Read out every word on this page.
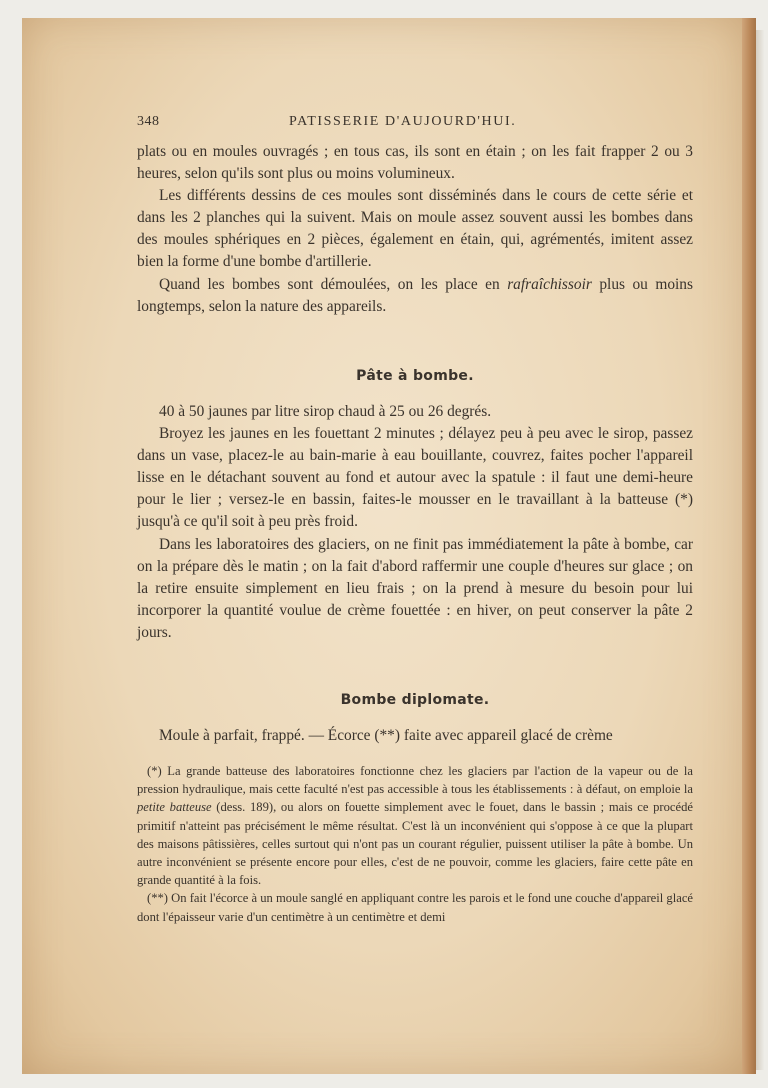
348	PATISSERIE D'AUJOURD'HUI.

plats ou en moules ouvragés ; en tous cas, ils sont en étain ; on les fait frapper 2 ou 3 heures, selon qu'ils sont plus ou moins volumineux.

Les différents dessins de ces moules sont disséminés dans le cours de cette série et dans les 2 planches qui la suivent. Mais on moule assez souvent aussi les bombes dans des moules sphériques en 2 pièces, également en étain, qui, agrémentés, imitent assez bien la forme d'une bombe d'artillerie.

Quand les bombes sont démoulées, on les place en rafraîchissoir plus ou moins longtemps, selon la nature des appareils.

Pâte à bombe.

40 à 50 jaunes par litre sirop chaud à 25 ou 26 degrés.

Broyez les jaunes en les fouettant 2 minutes ; délayez peu à peu avec le sirop, passez dans un vase, placez-le au bain-marie à eau bouillante, couvrez, faites pocher l'appareil lisse en le détachant souvent au fond et autour avec la spatule : il faut une demi-heure pour le lier ; versez-le en bassin, faites-le mousser en le travaillant à la batteuse (*) jusqu'à ce qu'il soit à peu près froid.

Dans les laboratoires des glaciers, on ne finit pas immédiatement la pâte à bombe, car on la prépare dès le matin ; on la fait d'abord raffermir une couple d'heures sur glace ; on la retire ensuite simplement en lieu frais ; on la prend à mesure du besoin pour lui incorporer la quantité voulue de crème fouettée : en hiver, on peut conserver la pâte 2 jours.

Bombe diplomate.

Moule à parfait, frappé. — Écorce (**) faite avec appareil glacé de crème

(*) La grande batteuse des laboratoires fonctionne chez les glaciers par l'action de la vapeur ou de la pression hydraulique, mais cette faculté n'est pas accessible à tous les établissements : à défaut, on emploie la petite batteuse (dess. 189), ou alors on fouette simplement avec le fouet, dans le bassin ; mais ce procédé primitif n'atteint pas précisément le même résultat. C'est là un inconvénient qui s'oppose à ce que la plupart des maisons pâtissières, celles surtout qui n'ont pas un courant régulier, puissent utiliser la pâte à bombe. Un autre inconvénient se présente encore pour elles, c'est de ne pouvoir, comme les glaciers, faire cette pâte en grande quantité à la fois.

(**) On fait l'écorce à un moule sanglé en appliquant contre les parois et le fond une couche d'appareil glacé dont l'épaisseur varie d'un centimètre à un centimètre et demi
